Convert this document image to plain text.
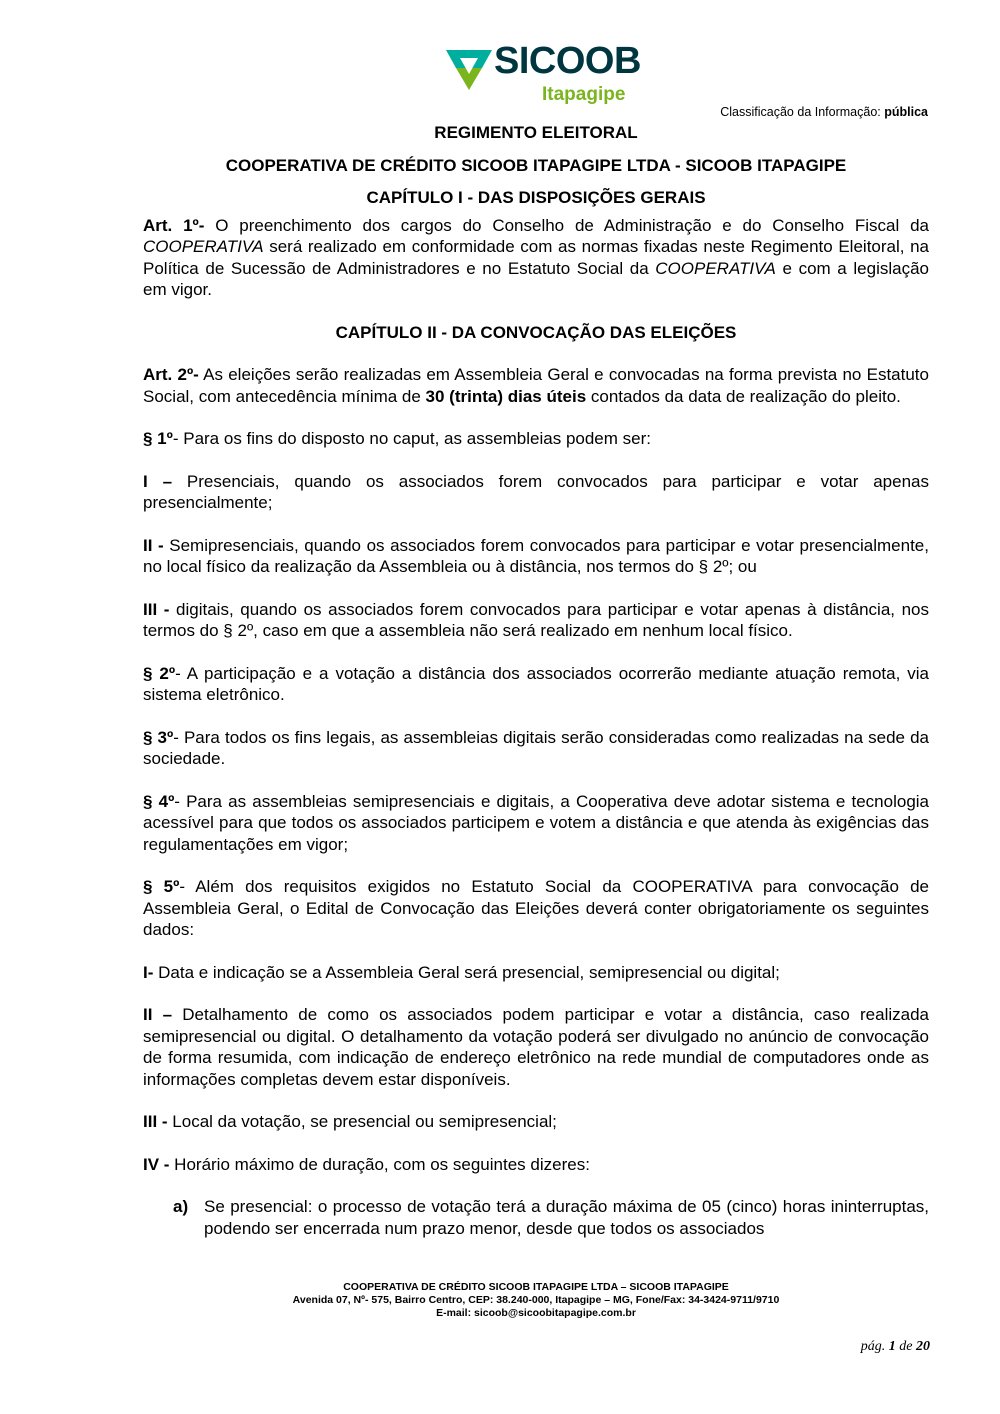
SICOOB
Itapagipe
Classificação da Informação: pública

REGIMENTO ELEITORAL

COOPERATIVA DE CRÉDITO SICOOB ITAPAGIPE LTDA - SICOOB ITAPAGIPE

CAPÍTULO I - DAS DISPOSIÇÕES GERAIS

Art. 1º- O preenchimento dos cargos do Conselho de Administração e do Conselho Fiscal da COOPERATIVA será realizado em conformidade com as normas fixadas neste Regimento Eleitoral, na Política de Sucessão de Administradores e no Estatuto Social da COOPERATIVA e com a legislação em vigor.

CAPÍTULO II - DA CONVOCAÇÃO DAS ELEIÇÕES

Art. 2º- As eleições serão realizadas em Assembleia Geral e convocadas na forma prevista no Estatuto Social, com antecedência mínima de 30 (trinta) dias úteis contados da data de realização do pleito.

§ 1º- Para os fins do disposto no caput, as assembleias podem ser:

I – Presenciais, quando os associados forem convocados para participar e votar apenas presencialmente;

II - Semipresenciais, quando os associados forem convocados para participar e votar presencialmente, no local físico da realização da Assembleia ou à distância, nos termos do § 2º; ou

III - digitais, quando os associados forem convocados para participar e votar apenas à distância, nos termos do § 2º, caso em que a assembleia não será realizado em nenhum local físico.

§ 2º- A participação e a votação a distância dos associados ocorrerão mediante atuação remota, via sistema eletrônico.

§ 3º- Para todos os fins legais, as assembleias digitais serão consideradas como realizadas na sede da sociedade.

§ 4º- Para as assembleias semipresenciais e digitais, a Cooperativa deve adotar sistema e tecnologia acessível para que todos os associados participem e votem a distância e que atenda às exigências das regulamentações em vigor;

§ 5º- Além dos requisitos exigidos no Estatuto Social da COOPERATIVA para convocação de Assembleia Geral, o Edital de Convocação das Eleições deverá conter obrigatoriamente os seguintes dados:

I- Data e indicação se a Assembleia Geral será presencial, semipresencial ou digital;

II – Detalhamento de como os associados podem participar e votar a distância, caso realizada semipresencial ou digital. O detalhamento da votação poderá ser divulgado no anúncio de convocação de forma resumida, com indicação de endereço eletrônico na rede mundial de computadores onde as informações completas devem estar disponíveis.

III - Local da votação, se presencial ou semipresencial;

IV - Horário máximo de duração, com os seguintes dizeres:

a) Se presencial: o processo de votação terá a duração máxima de 05 (cinco) horas ininterruptas, podendo ser encerrada num prazo menor, desde que todos os associados
COOPERATIVA DE CRÉDITO SICOOB ITAPAGIPE LTDA – SICOOB ITAPAGIPE
Avenida 07, Nº- 575, Bairro Centro, CEP: 38.240-000, Itapagipe – MG, Fone/Fax: 34-3424-9711/9710
E-mail: sicoob@sicoobitapagipe.com.br
pág. 1 de 20
